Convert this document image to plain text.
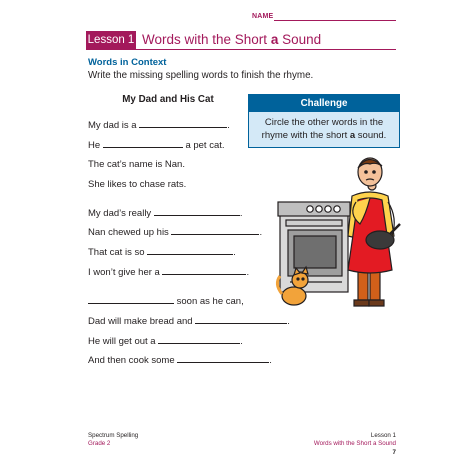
NAME
Lesson 1 Words with the Short a Sound
Words in Context
Write the missing spelling words to finish the rhyme.
My Dad and His Cat
My dad is a	.
He	a pet cat.
The cat’s name is Nan.
She likes to chase rats.
My dad’s really	.
Nan chewed up his	.
That cat is so	.
I won’t give her a	.
soon as he can,
Dad will make bread and	.
He will get out a	.
And then cook some	.
Challenge
Circle the other words in the
rhyme with the short a sound.
Spectrum Spelling
Grade 2
Lesson 1
Words with the Short a Sound
7
